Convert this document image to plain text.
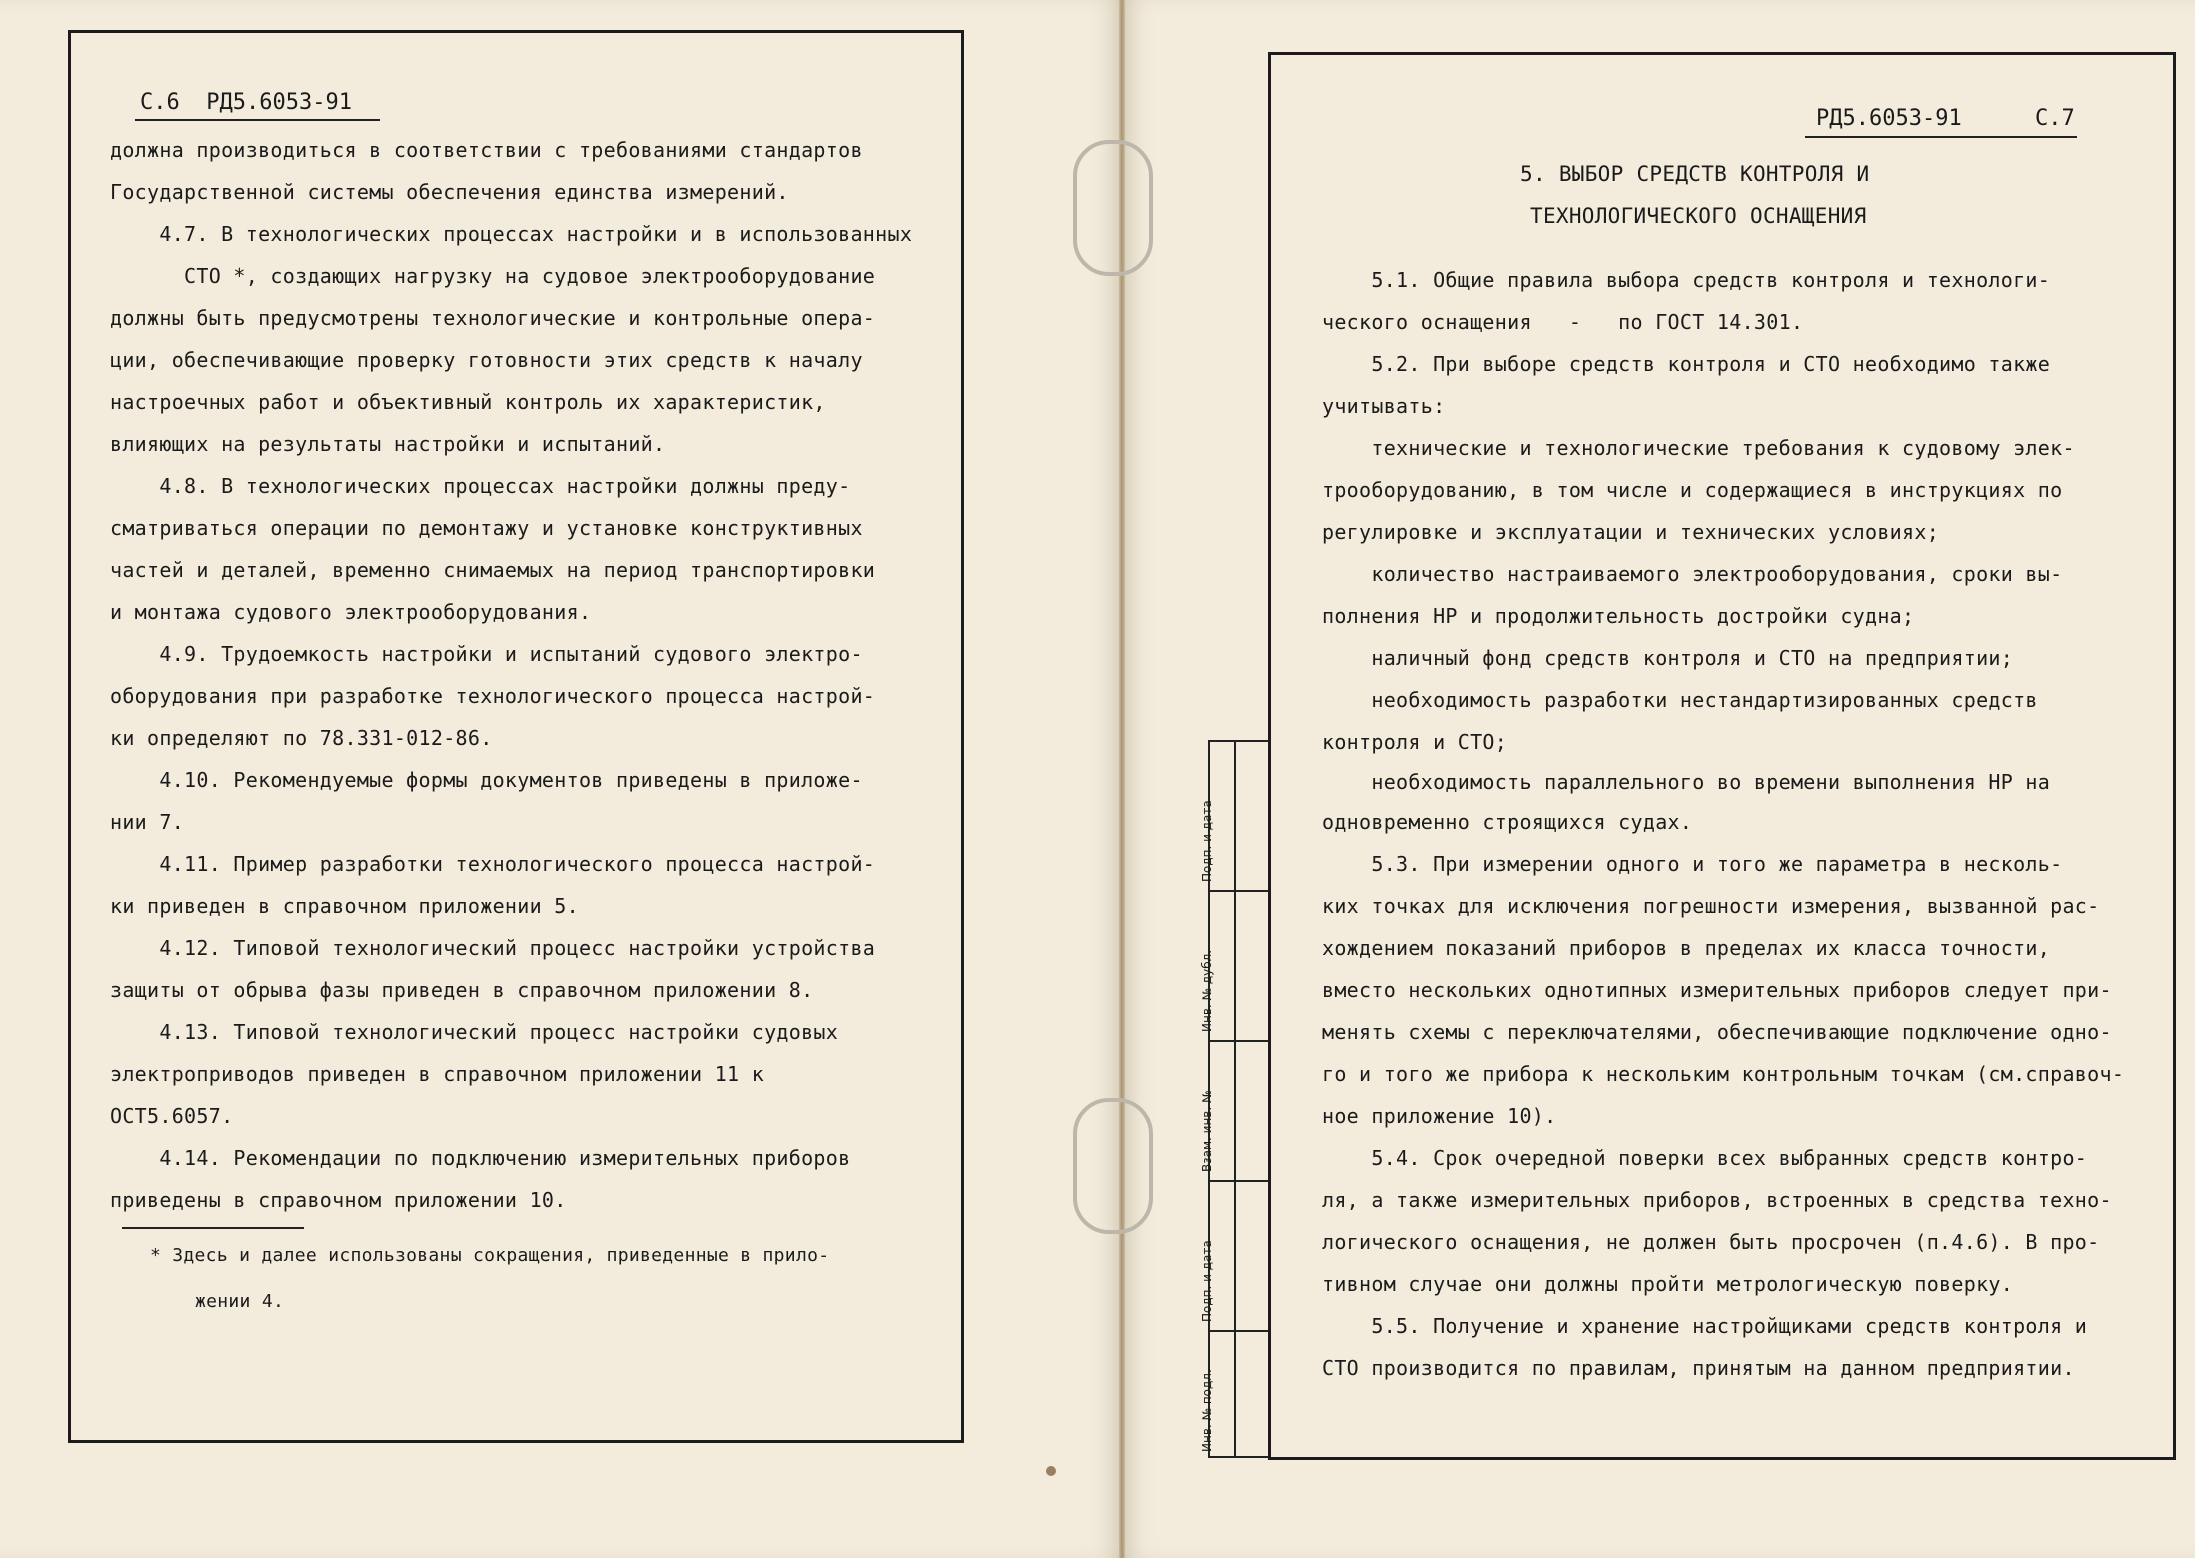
С.6 РД5.6053-91
РД5.6053-91	С.7
5. ВЫБОР СРЕДСТВ КОНТРОЛЯ И
ТЕХНОЛОГИЧЕСКОГО ОСНАЩЕНИЯ
Подп. и дата
Инв. № дубл.
Взам. инв. №
Подп. и дата
Инв. № подл.
должна производиться в соответствии с требованиями стандартов
Государственной системы обеспечения единства измерений.
4.7. В технологических процессах настройки и в использованных
СТО *, создающих нагрузку на судовое электрооборудование
должны быть предусмотрены технологические и контрольные опера-
ции, обеспечивающие проверку готовности этих средств к началу
настроечных работ и объективный контроль их характеристик,
влияющих на результаты настройки и испытаний.
4.8. В технологических процессах настройки должны преду-
сматриваться операции по демонтажу и установке конструктивных
частей и деталей, временно снимаемых на период транспортировки
и монтажа судового электрооборудования.
4.9. Трудоемкость настройки и испытаний судового электро-
оборудования при разработке технологического процесса настрой-
ки определяют по 78.331-012-86.
4.10. Рекомендуемые формы документов приведены в приложе-
нии 7.
4.11. Пример разработки технологического процесса настрой-
ки приведен в справочном приложении 5.
4.12. Типовой технологический процесс настройки устройства
защиты от обрыва фазы приведен в справочном приложении 8.
4.13. Типовой технологический процесс настройки судовых
электроприводов приведен в справочном приложении 11 к
ОСТ5.6057.
4.14. Рекомендации по подключению измерительных приборов
приведены в справочном приложении 10.
* Здесь и далее использованы сокращения, приведенные в прило-
жении 4.
5.1. Общие правила выбора средств контроля и технологи-
ческого оснащения   -   по ГОСТ 14.301.
5.2. При выборе средств контроля и СТО необходимо также
учитывать:
технические и технологические требования к судовому элек-
трооборудованию, в том числе и содержащиеся в инструкциях по
регулировке и эксплуатации и технических условиях;
количество настраиваемого электрооборудования, сроки вы-
полнения НР и продолжительность достройки судна;
наличный фонд средств контроля и СТО на предприятии;
необходимость разработки нестандартизированных средств
контроля и СТО;
необходимость параллельного во времени выполнения НР на
одновременно строящихся судах.
5.3. При измерении одного и того же параметра в несколь-
ких точках для исключения погрешности измерения, вызванной рас-
хождением показаний приборов в пределах их класса точности,
вместо нескольких однотипных измерительных приборов следует при-
менять схемы с переключателями, обеспечивающие подключение одно-
го и того же прибора к нескольким контрольным точкам (см.справоч-
ное приложение 10).
5.4. Срок очередной поверки всех выбранных средств контро-
ля, а также измерительных приборов, встроенных в средства техно-
логического оснащения, не должен быть просрочен (п.4.6). В про-
тивном случае они должны пройти метрологическую поверку.
5.5. Получение и хранение настройщиками средств контроля и
СТО производится по правилам, принятым на данном предприятии.
